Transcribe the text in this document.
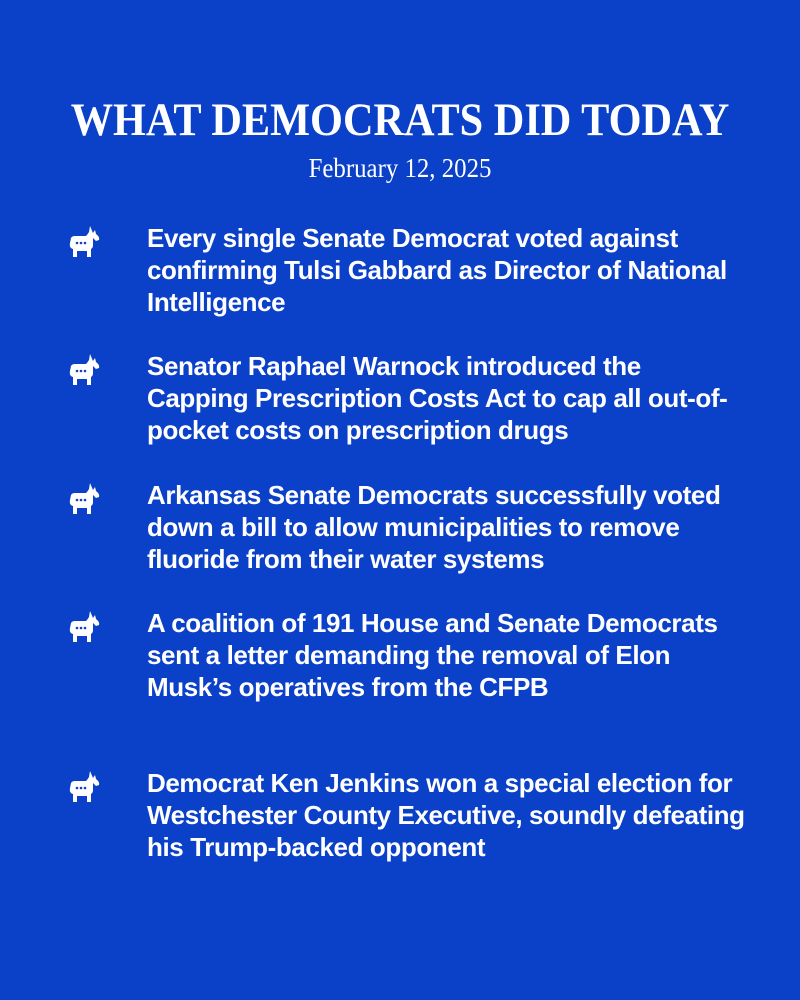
WHAT DEMOCRATS DID TODAY
February 12, 2025
Every single Senate Democrat voted against confirming Tulsi Gabbard as Director of National Intelligence
Senator Raphael Warnock introduced the Capping Prescription Costs Act to cap all out-of-pocket costs on prescription drugs
Arkansas Senate Democrats successfully voted down a bill to allow municipalities to remove fluoride from their water systems
A coalition of 191 House and Senate Democrats sent a letter demanding the removal of Elon Musk’s operatives from the CFPB
Democrat Ken Jenkins won a special election for Westchester County Executive, soundly defeating his Trump-backed opponent
